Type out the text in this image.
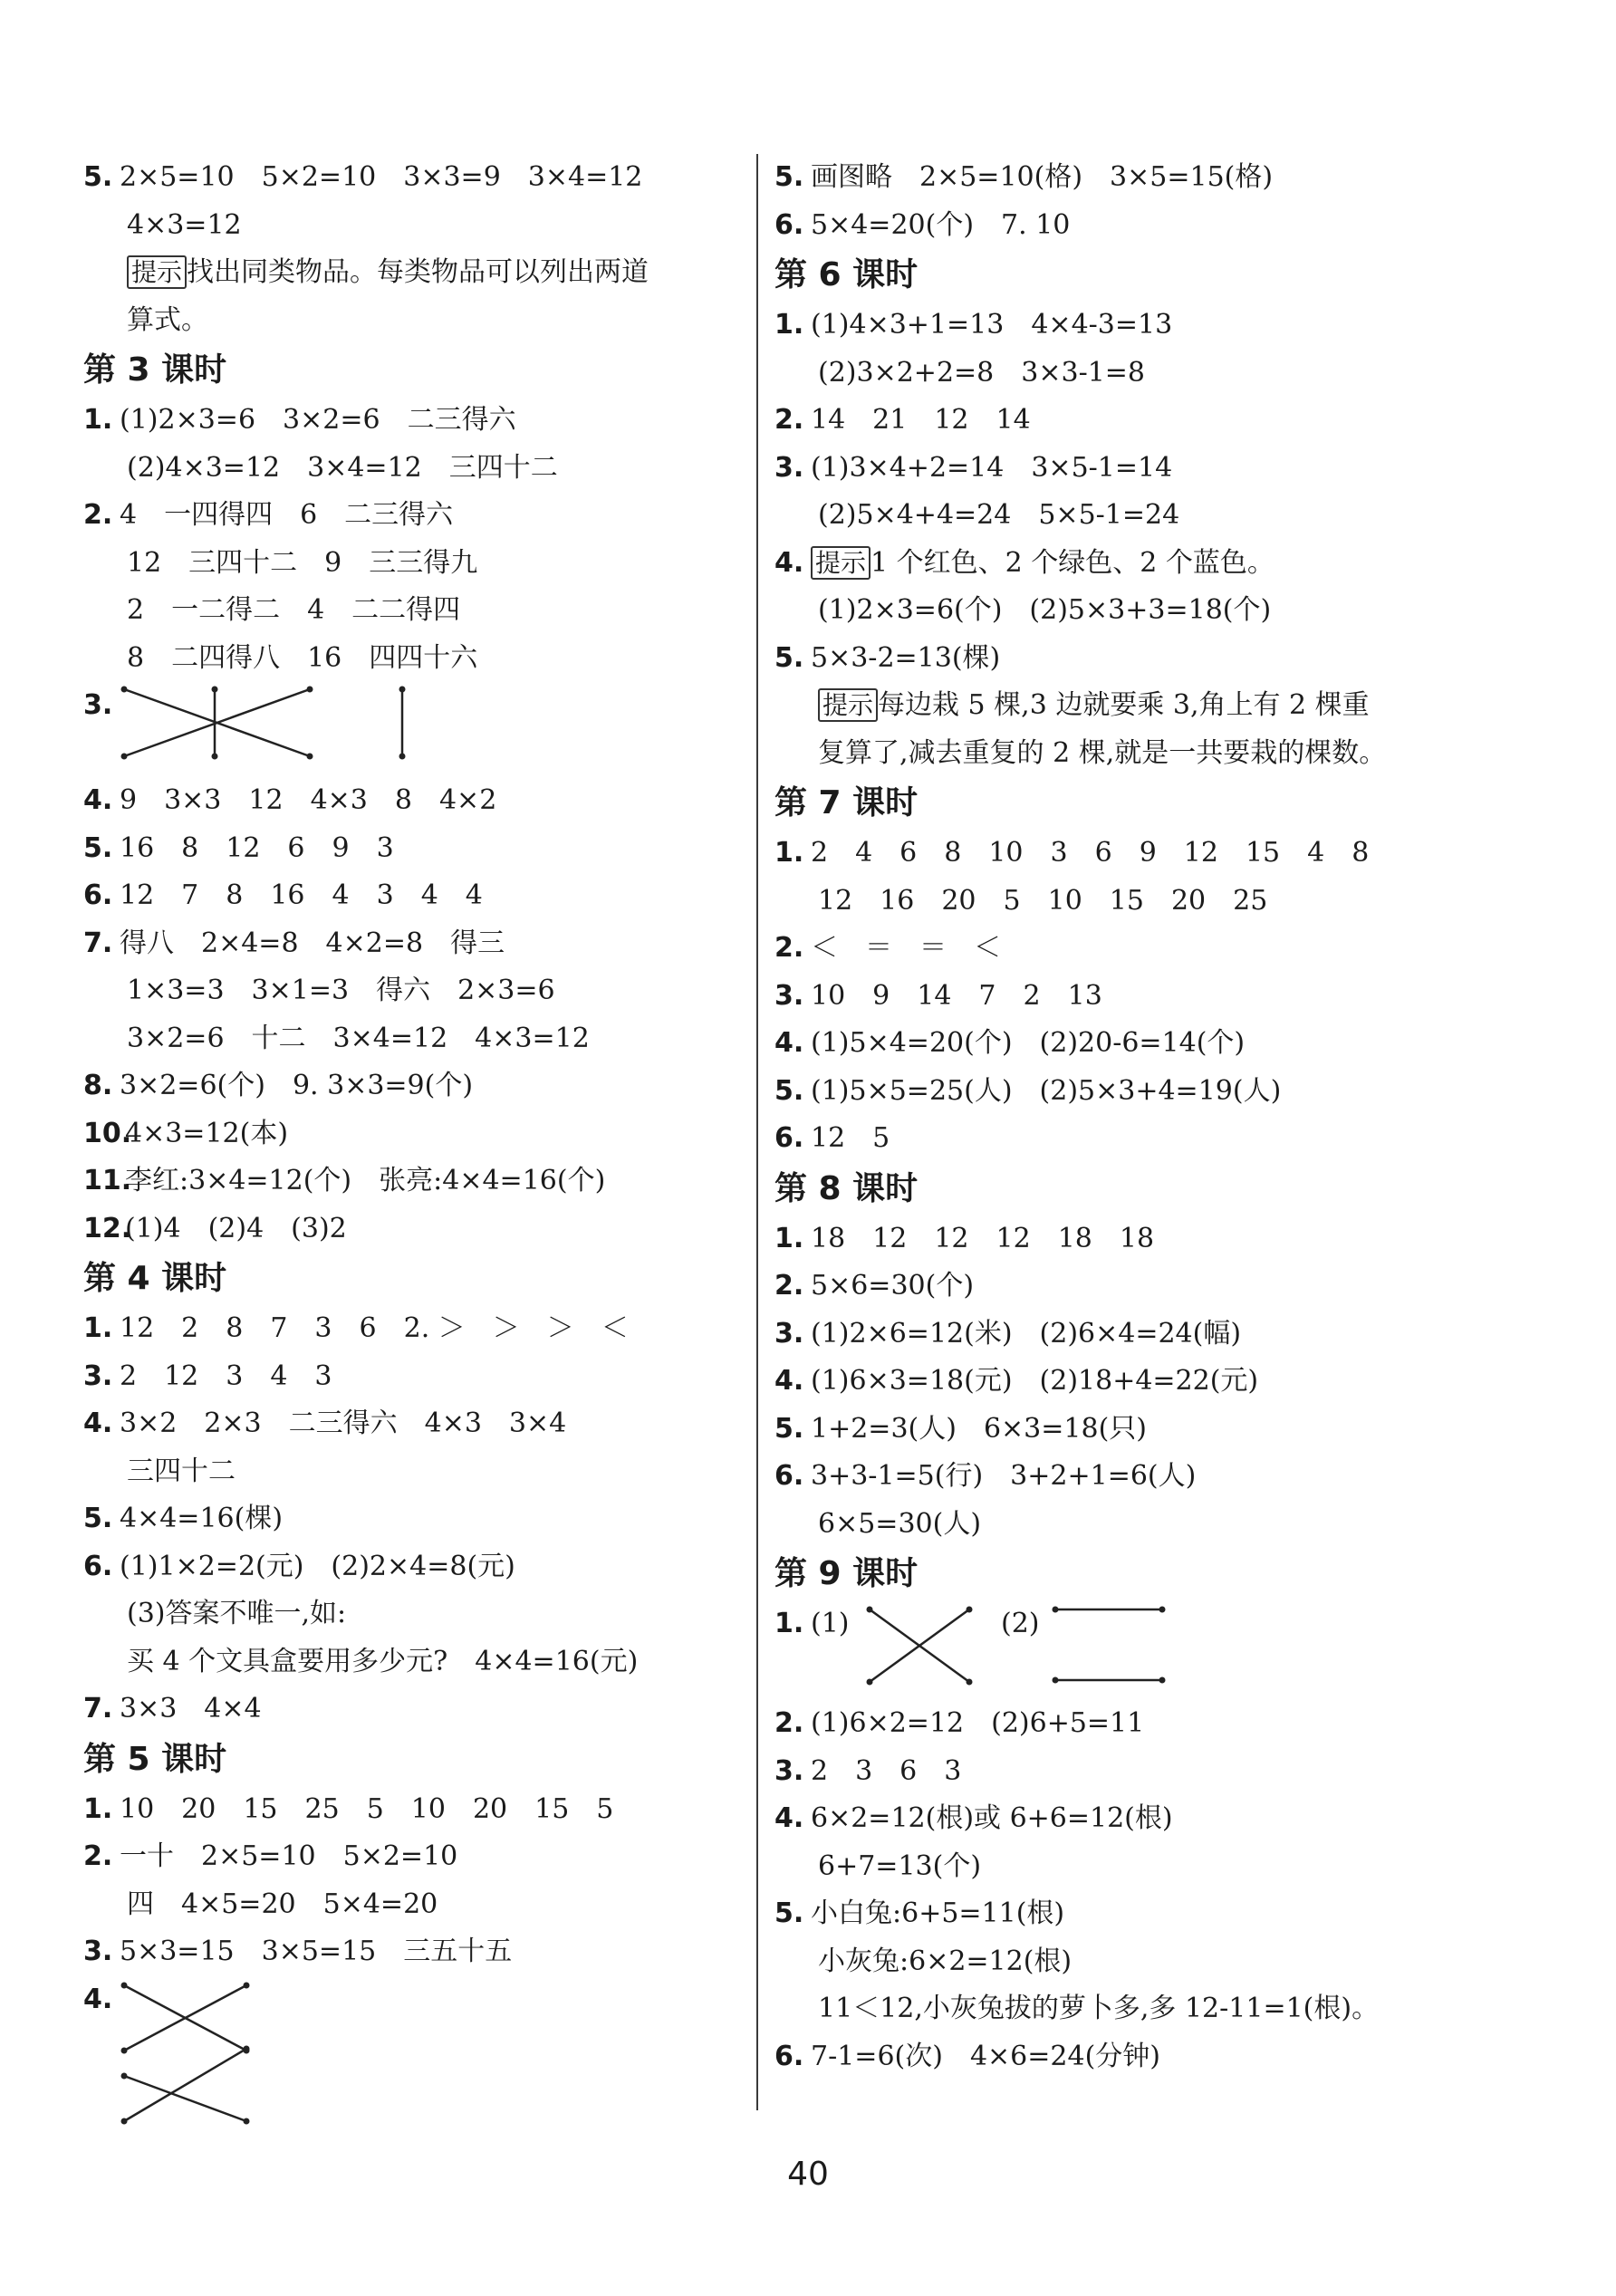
5. 2×5=10　5×2=10　3×3=9　3×4=12
4×3=12
提示 找出同类物品。每类物品可以列出两道
算式。
第 3 课时
1. (1)2×3=6　3×2=6　二三得六
(2)4×3=12　3×4=12　三四十二
2. 4　一四得四　6　二三得六
12　三四十二　9　三三得九
2　一二得二　4　二二得四
8　二四得八　16　四四十六
3.
4. 9　3×3　12　4×3　8　4×2
5. 16　8　12　6　9　3
6. 12　7　8　16　4　3　4　4
7. 得八　2×4=8　4×2=8　得三
1×3=3　3×1=3　得六　2×3=6
3×2=6　十二　3×4=12　4×3=12
8. 3×2=6(个)　9. 3×3=9(个)
10.4×3=12(本)
11.李红:3×4=12(个)　张亮:4×4=16(个)
12.(1)4　(2)4　(3)2
第 4 课时
1. 12　2　8　7　3　6　2. ＞　＞　＞　＜
3. 2　12　3　4　3
4. 3×2　2×3　二三得六　4×3　3×4
三四十二
5. 4×4=16(棵)
6. (1)1×2=2(元)　(2)2×4=8(元)
(3)答案不唯一,如:
买 4 个文具盒要用多少元?　4×4=16(元)
7. 3×3　4×4
第 5 课时
1. 10　20　15　25　5　10　20　15　5
2. 一十　2×5=10　5×2=10
四　4×5=20　5×4=20
3. 5×3=15　3×5=15　三五十五
4.
5. 画图略　2×5=10(格)　3×5=15(格)
6. 5×4=20(个)　7. 10
第 6 课时
1. (1)4×3+1=13　4×4-3=13
(2)3×2+2=8　3×3-1=8
2. 14　21　12　14
3. (1)3×4+2=14　3×5-1=14
(2)5×4+4=24　5×5-1=24
4. 提示 1 个红色、2 个绿色、2 个蓝色。
(1)2×3=6(个)　(2)5×3+3=18(个)
5. 5×3-2=13(棵)
提示 每边栽 5 棵,3 边就要乘 3,角上有 2 棵重
复算了,减去重复的 2 棵,就是一共要栽的棵数。
第 7 课时
1. 2　4　6　8　10　3　6　9　12　15　4　8
12　16　20　5　10　15　20　25
2. ＜　＝　＝　＜
3. 10　9　14　7　2　13
4. (1)5×4=20(个)　(2)20-6=14(个)
5. (1)5×5=25(人)　(2)5×3+4=19(人)
6. 12　5
第 8 课时
1. 18　12　12　12　18　18
2. 5×6=30(个)
3. (1)2×6=12(米)　(2)6×4=24(幅)
4. (1)6×3=18(元)　(2)18+4=22(元)
5. 1+2=3(人)　6×3=18(只)
6. 3+3-1=5(行)　3+2+1=6(人)
6×5=30(人)
第 9 课时
1. (1)	(2)
2. (1)6×2=12　(2)6+5=11
3. 2　3　6　3
4. 6×2=12(根)或 6+6=12(根)
6+7=13(个)
5. 小白兔:6+5=11(根)
小灰兔:6×2=12(根)
11＜12,小灰兔拔的萝卜多,多 12-11=1(根)。
6. 7-1=6(次)　4×6=24(分钟)
40
